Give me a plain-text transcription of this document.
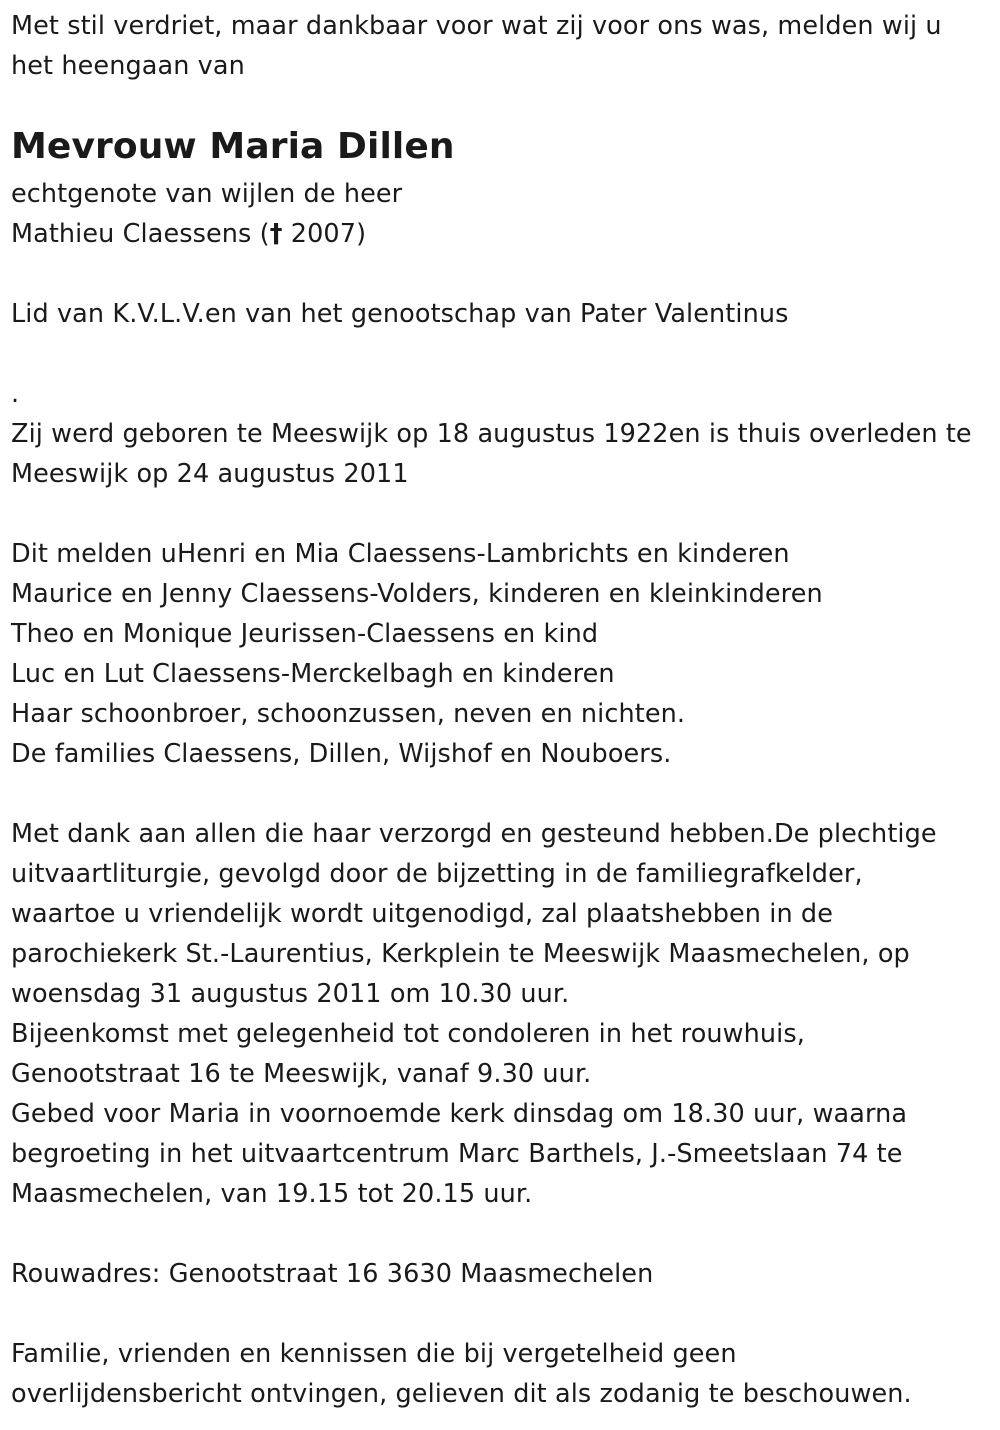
Met stil verdriet, maar dankbaar voor wat zij voor ons was, melden wij u
het heengaan van
Mevrouw Maria Dillen
echtgenote van wijlen de heer
Mathieu Claessens († 2007)
Lid van K.V.L.V.en van het genootschap van Pater Valentinus
.
Zij werd geboren te Meeswijk op 18 augustus 1922en is thuis overleden te
Meeswijk op 24 augustus 2011
Dit melden uHenri en Mia Claessens-Lambrichts en kinderen
Maurice en Jenny Claessens-Volders, kinderen en kleinkinderen
Theo en Monique Jeurissen-Claessens en kind
Luc en Lut Claessens-Merckelbagh en kinderen
Haar schoonbroer, schoonzussen, neven en nichten.
De families Claessens, Dillen, Wijshof en Nouboers.
Met dank aan allen die haar verzorgd en gesteund hebben.De plechtige
uitvaartliturgie, gevolgd door de bijzetting in de familiegrafkelder,
waartoe u vriendelijk wordt uitgenodigd, zal plaatshebben in de
parochiekerk St.-Laurentius, Kerkplein te Meeswijk Maasmechelen, op
woensdag 31 augustus 2011 om 10.30 uur.
Bijeenkomst met gelegenheid tot condoleren in het rouwhuis,
Genootstraat 16 te Meeswijk, vanaf 9.30 uur.
Gebed voor Maria in voornoemde kerk dinsdag om 18.30 uur, waarna
begroeting in het uitvaartcentrum Marc Barthels, J.-Smeetslaan 74 te
Maasmechelen, van 19.15 tot 20.15 uur.
Rouwadres: Genootstraat 16 3630 Maasmechelen
Familie, vrienden en kennissen die bij vergetelheid geen
overlijdensbericht ontvingen, gelieven dit als zodanig te beschouwen.
